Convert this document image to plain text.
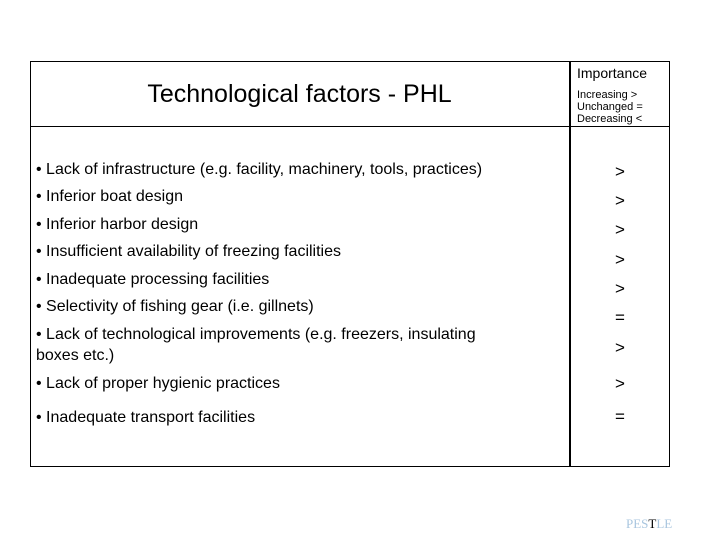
Technological factors - PHL
Importance
Increasing >
Unchanged =
Decreasing <
• Lack of infrastructure (e.g. facility, machinery, tools, practices)
• Inferior boat design
• Inferior harbor design
• Insufficient availability of freezing facilities
• Inadequate processing facilities
• Selectivity of fishing gear (i.e. gillnets)
• Lack of technological improvements (e.g. freezers, insulating
boxes etc.)
• Lack of proper hygienic practices
• Inadequate transport facilities
>
>
>
>
>
=
>
>
=
PESTLE
